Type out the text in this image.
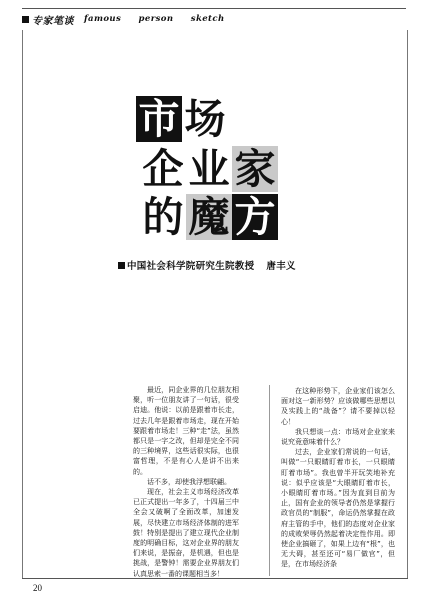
专家笔谈 famous person sketch
市 场
企 业 家
的 魔 方
中国社会科学院研究生院教授 唐丰义

最近，同企业界的几位朋友相聚，听一位朋友讲了一句话，很受启迪。他说：以前是跟着市长走，过去几年是跟着市场走，现在开始要跟着市场走！三种“走”法，虽然都只是一字之改，但却是完全不同的三种境界，这些话很实际，也很富哲理，不是有心人是讲不出来的。

话不多，却使我浮想联翩。

现在，社会主义市场经济改革已正式提出一年多了，十四届三中全会又破啊了全面改革，加速发展，尽快建立市场经济体制的进军鼓！特别是提出了建立现代企业制度的明确目标，这对企业界的朋友们来说，是振奋，是机遇，但也是挑战，是警钟！需要企业界朋友们认真思索一番的课题相当多！

在这种形势下，企业家们该怎么面对这一新形势？应该做哪些思想以及实践上的“战备”？请不要掉以轻心！

我只想谈一点：市场对企业家来说究竟意味着什么？

过去，企业家们常说的一句话，叫做“一只眼睛盯着市长，一只眼睛盯着市场”。我也曾半开玩笑地补充说：似乎应该是“大眼睛盯着市长，小眼睛盯着市场。”因为直到目前为止，国有企业的领导者仍然是掌握行政官员的“制服”，命运仍然掌握在政府主管的手中，他们的态度对企业家的成败荣辱仍然起着决定性作用。即使企业搞砸了，如果上边有“根”，也无大碍，甚至还可“易厂做官”，但是，在市场经济条

20
